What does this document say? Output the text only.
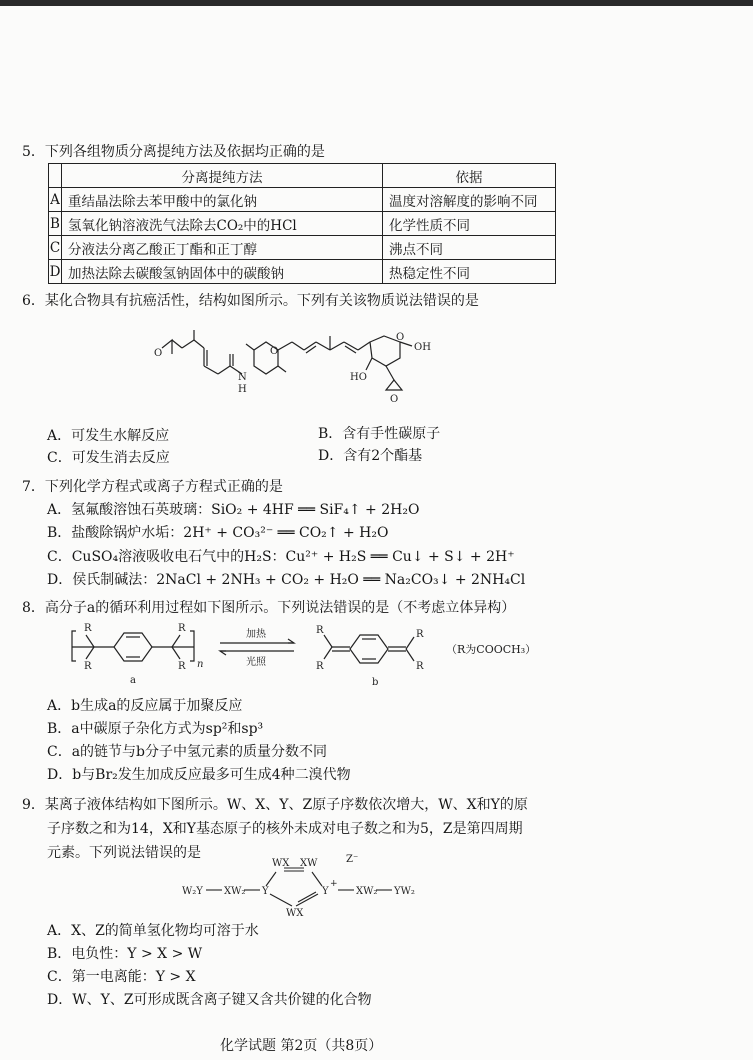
5．下列各组物质分离提纯方法及依据均正确的是
	分离提纯方法	依据
A	重结晶法除去苯甲酸中的氯化钠	温度对溶解度的影响不同
B	氢氧化钠溶液洗气法除去CO₂中的HCl	化学性质不同
C	分液法分离乙酸正丁酯和正丁醇	沸点不同
D	加热法除去碳酸氢钠固体中的碳酸钠	热稳定性不同
6．某化合物具有抗癌活性，结构如图所示。下列有关该物质说法错误的是
O
N
H
O
O
OH
HO
O
A．可发生水解反应	B．含有手性碳原子
C．可发生消去反应	D．含有2个酯基
7．下列化学方程式或离子方程式正确的是
A．氢氟酸溶蚀石英玻璃：SiO₂ + 4HF ══ SiF₄↑ + 2H₂O
B．盐酸除锅炉水垢：2H⁺ + CO₃²⁻ ══ CO₂↑ + H₂O
C．CuSO₄溶液吸收电石气中的H₂S：Cu²⁺ + H₂S ══ Cu↓ + S↓ + 2H⁺
D．侯氏制碱法：2NaCl + 2NH₃ + CO₂ + H₂O ══ Na₂CO₃↓ + 2NH₄Cl
8．高分子a的循环利用过程如下图所示。下列说法错误的是（不考虑立体异构）
R
R
R
R n
a
加热
光照
R
R
R
R
b
（R为COOCH₃）
A．b生成a的反应属于加聚反应
B．a中碳原子杂化方式为sp²和sp³
C．a的链节与b分子中氢元素的质量分数不同
D．b与Br₂发生加成反应最多可生成4种二溴代物
9．某离子液体结构如下图所示。W、X、Y、Z原子序数依次增大，W、X和Y的原
子序数之和为14，X和Y基态原子的核外未成对电子数之和为5，Z是第四周期
元素。下列说法错误的是
WX XW	Z⁻
W₂Y XW₂ Y	Y
+
XW₂ YW₂
WX
A．X、Z的简单氢化物均可溶于水
B．电负性：Y > X > W
C．第一电离能：Y > X
D．W、Y、Z可形成既含离子键又含共价键的化合物
化学试题 第2页（共8页）
